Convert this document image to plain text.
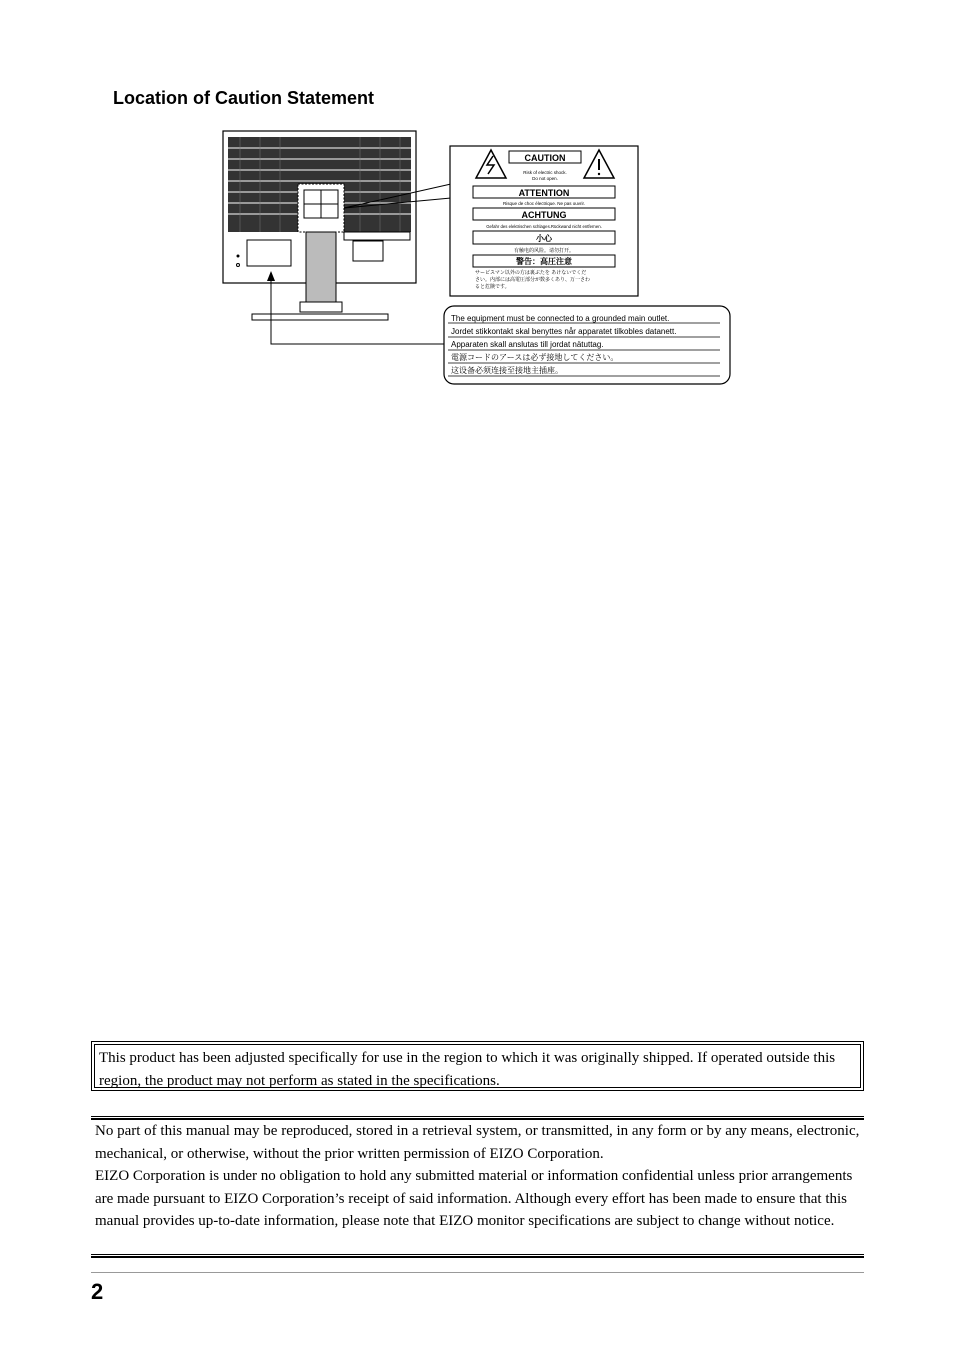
Location of Caution Statement
CAUTION
Risk of electric shock.
Do not open.
ATTENTION
Risque de choc électrique. Ne pas ouvrir.
ACHTUNG
Gefahr des elektrischen schlages.Rückwand nicht entfernen.
小心
有触电的风险。请勿打开。
警告：高圧注意
サービスマン以外の方は裏ぶたを あけないでくだ
さい。内部には高電圧部分が数多くあり、万一さわ
ると危険です。
The equipment must be connected to a grounded main outlet.
Jordet stikkontakt skal benyttes når apparatet tilkobles datanett.
Apparaten skall anslutas till jordat nätuttag.
電源コードのアースは必ず接地してください。
这设备必须连接至接地主插座。
This product has been adjusted specifically for use in the region to which it was originally shipped. If operated outside this region, the product may not perform as stated in the specifications.

No part of this manual may be reproduced, stored in a retrieval system, or transmitted, in any form or by any means, electronic, mechanical, or otherwise, without the prior written permission of EIZO Corporation.

EIZO Corporation is under no obligation to hold any submitted material or information confidential unless prior arrangements are made pursuant to EIZO Corporation’s receipt of said information. Although every effort has been made to ensure that this manual provides up-to-date information, please note that EIZO monitor specifications are subject to change without notice.

2
